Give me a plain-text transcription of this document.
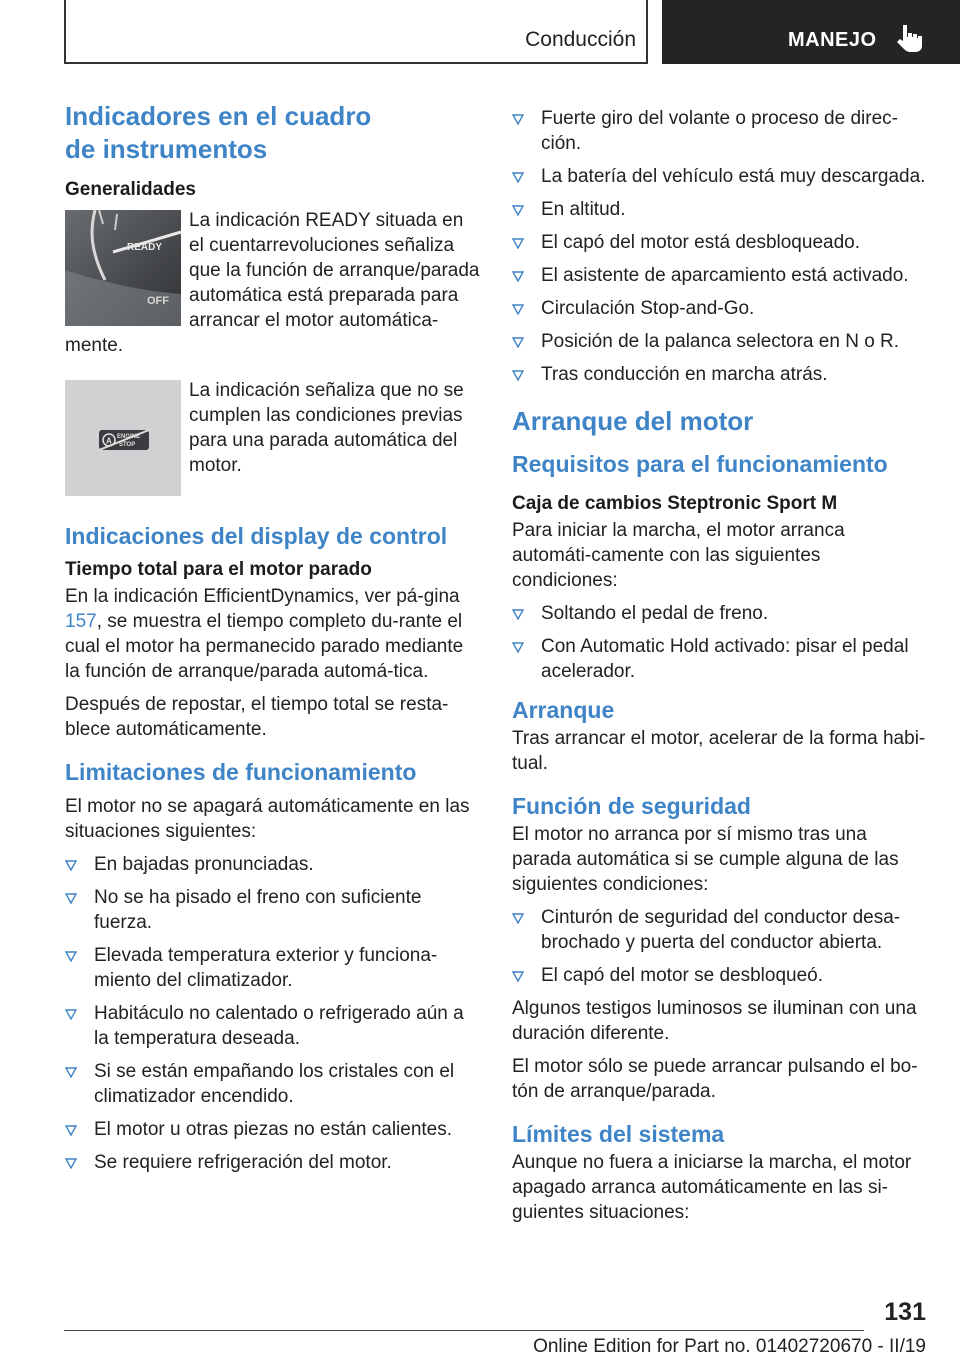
Conducción	MANEJO
Indicadores en el cuadro
de instrumentos
Generalidades
READY
OFF

La indicación READY situada en el cuentarrevoluciones señaliza que la función de arranque/parada automática está preparada para arrancar el motor automática-mente.

A ENGINE
STOP

La indicación señaliza que no se cumplen las condiciones previas para una parada automática del motor.

Indicaciones del display de control
Tiempo total para el motor parado

En la indicación EfficientDynamics, ver pá-gina 157, se muestra el tiempo completo du-rante el cual el motor ha permanecido parado mediante la función de arranque/parada automá-tica.

Después de repostar, el tiempo total se resta-blece automáticamente.

Limitaciones de funcionamiento

El motor no se apagará automáticamente en las situaciones siguientes:

En bajadas pronunciadas.
No se ha pisado el freno con suficiente fuerza.
Elevada temperatura exterior y funciona-miento del climatizador.
Habitáculo no calentado o refrigerado aún a la temperatura deseada.
Si se están empañando los cristales con el climatizador encendido.
El motor u otras piezas no están calientes.
Se requiere refrigeración del motor.
Fuerte giro del volante o proceso de direc-ción.
La batería del vehículo está muy descargada.
En altitud.
El capó del motor está desbloqueado.
El asistente de aparcamiento está activado.
Circulación Stop-and-Go.
Posición de la palanca selectora en N o R.
Tras conducción en marcha atrás.
Arranque del motor
Requisitos para el funcionamiento
Caja de cambios Steptronic Sport M

Para iniciar la marcha, el motor arranca automáti-camente con las siguientes condiciones:

Soltando el pedal de freno.
Con Automatic Hold activado: pisar el pedal acelerador.
Arranque

Tras arrancar el motor, acelerar de la forma habi-tual.

Función de seguridad

El motor no arranca por sí mismo tras una parada automática si se cumple alguna de las siguientes condiciones:

Cinturón de seguridad del conductor desa-brochado y puerta del conductor abierta.
El capó del motor se desbloqueó.

Algunos testigos luminosos se iluminan con una duración diferente.

El motor sólo se puede arrancar pulsando el bo-tón de arranque/parada.

Límites del sistema

Aunque no fuera a iniciarse la marcha, el motor apagado arranca automáticamente en las si-guientes situaciones:

131
Online Edition for Part no. 01402720670 - II/19
